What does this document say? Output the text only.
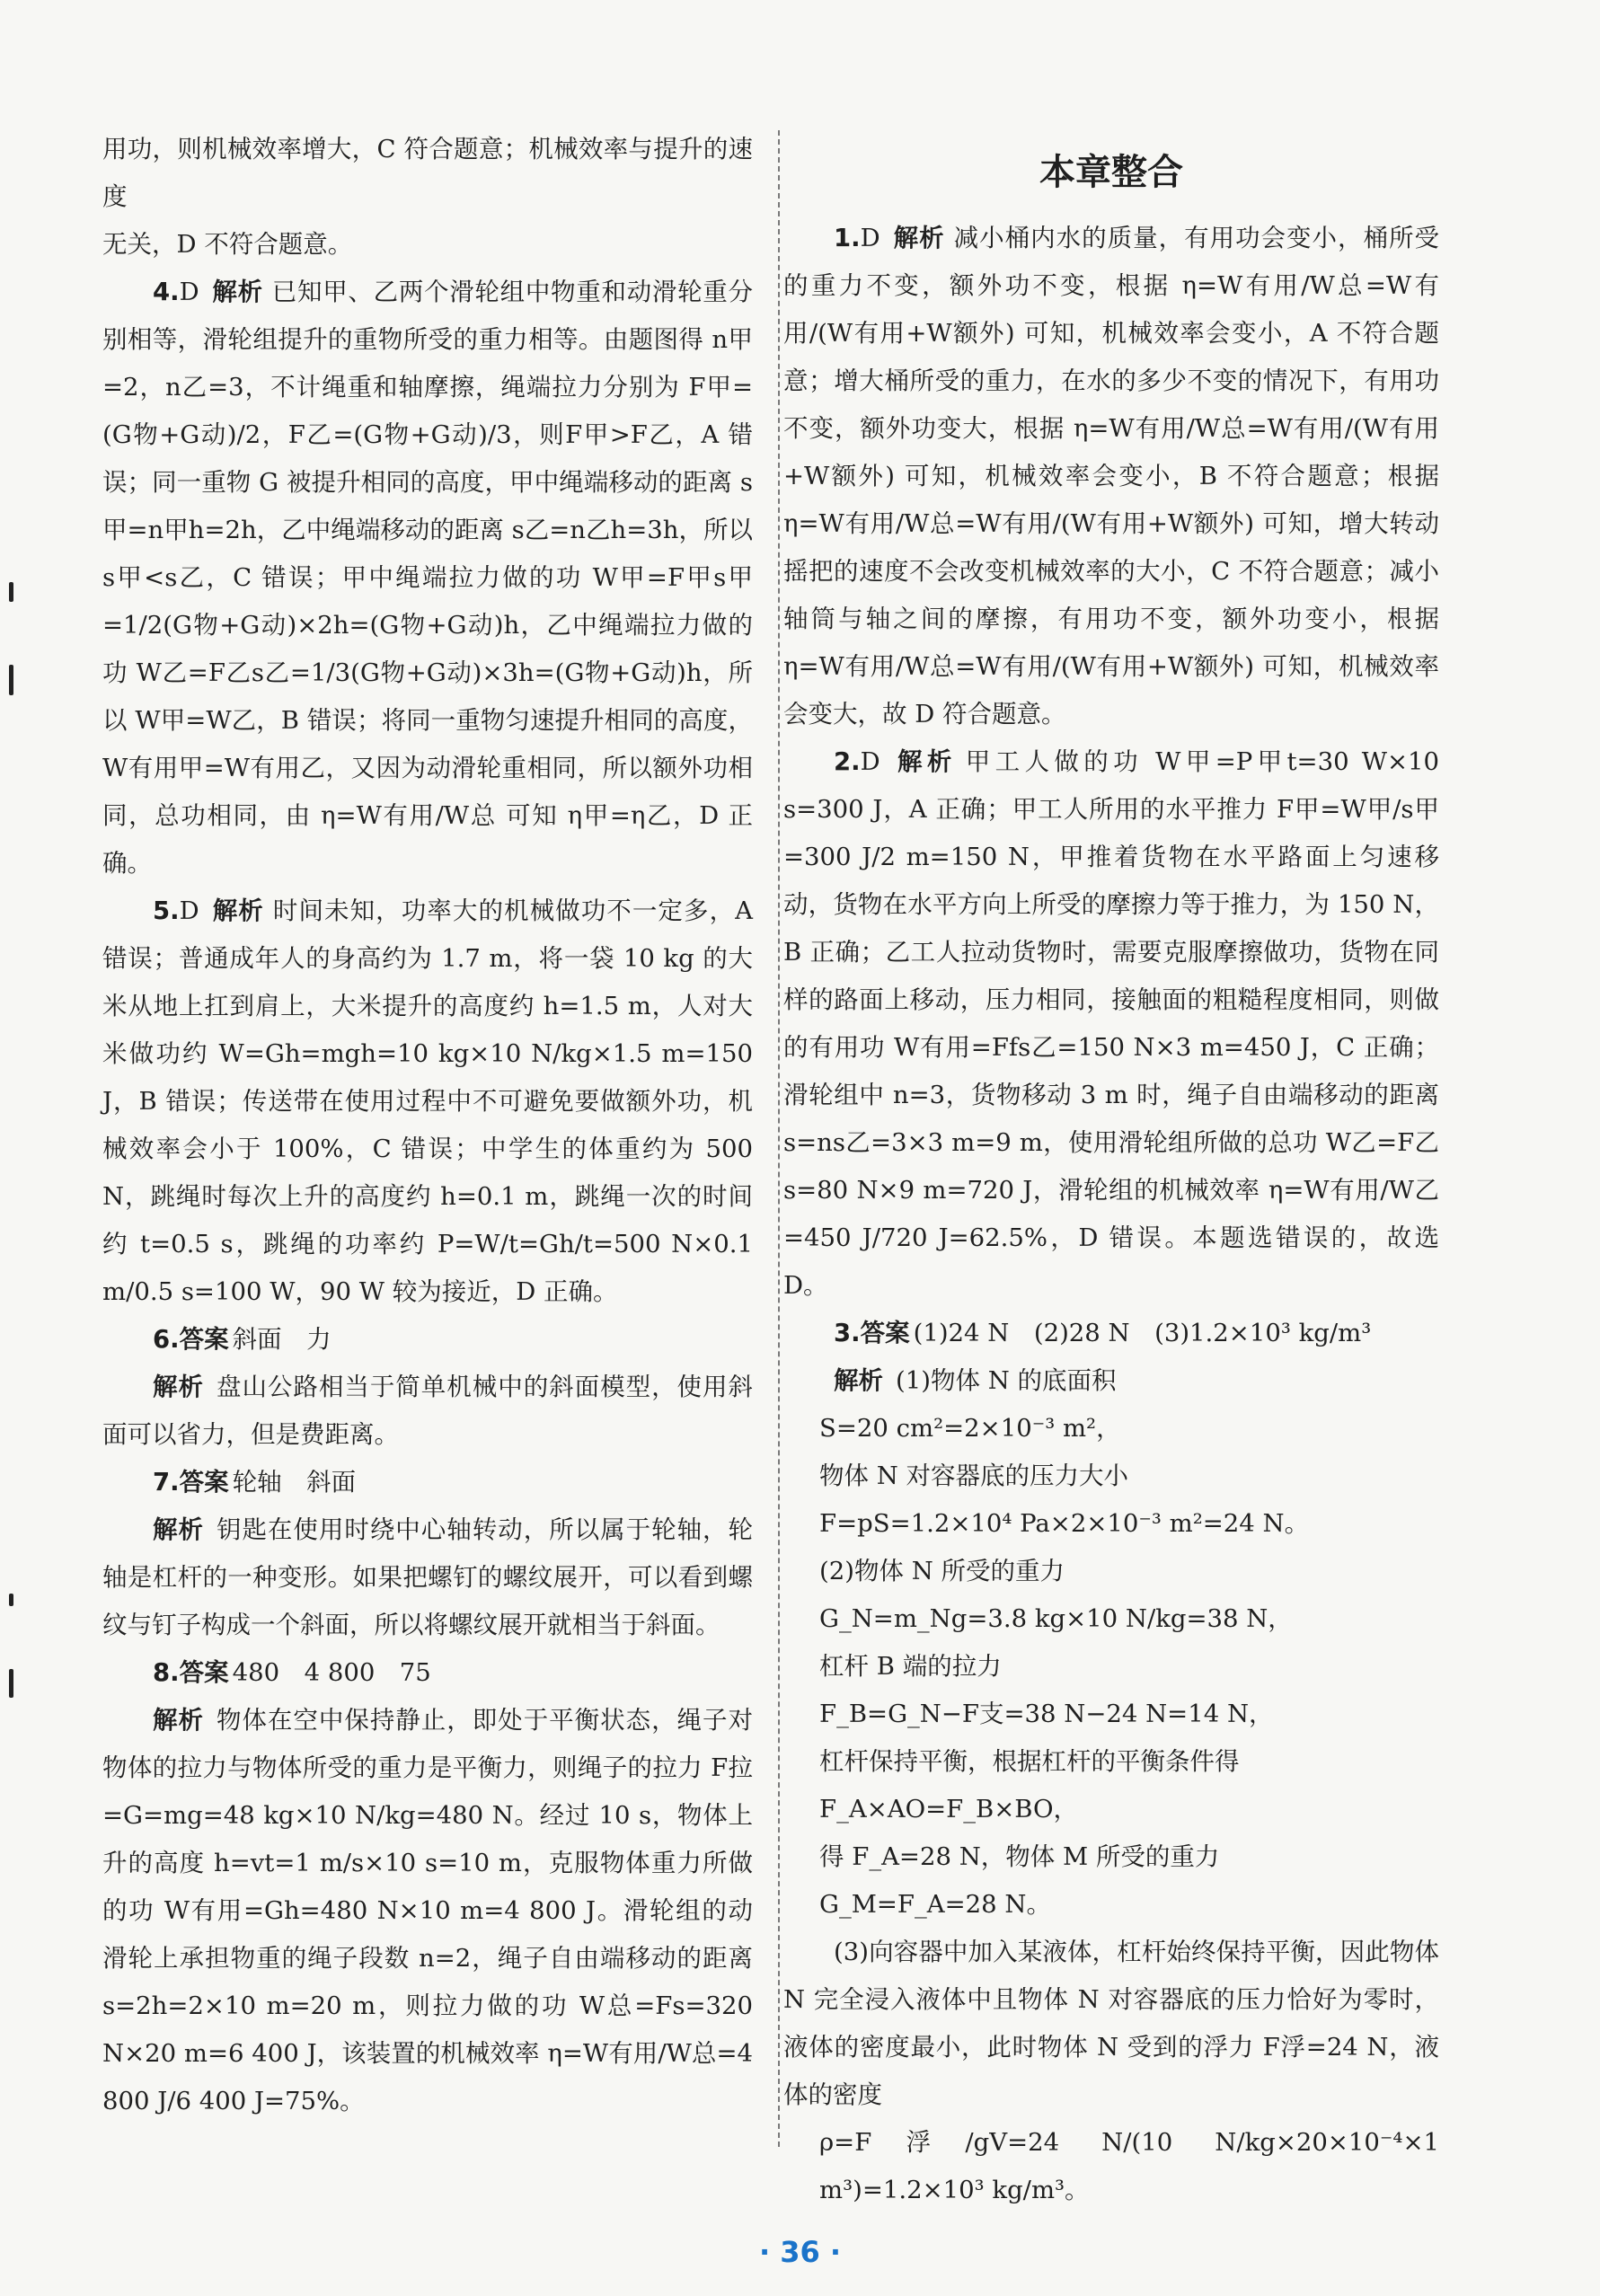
用功，则机械效率增大，C 符合题意；机械效率与提升的速度

无关，D 不符合题意。

4.D 解析 已知甲、乙两个滑轮组中物重和动滑轮重分别相等，滑轮组提升的重物所受的重力相等。由题图得 n甲=2，n乙=3，不计绳重和轴摩擦，绳端拉力分别为 F甲=(G物+G动)/2，F乙=(G物+G动)/3，则F甲>F乙，A 错误；同一重物 G 被提升相同的高度，甲中绳端移动的距离 s甲=n甲h=2h，乙中绳端移动的距离 s乙=n乙h=3h，所以 s甲<s乙，C 错误；甲中绳端拉力做的功 W甲=F甲s甲=1/2(G物+G动)×2h=(G物+G动)h，乙中绳端拉力做的功 W乙=F乙s乙=1/3(G物+G动)×3h=(G物+G动)h，所以 W甲=W乙，B 错误；将同一重物匀速提升相同的高度，W有用甲=W有用乙，又因为动滑轮重相同，所以额外功相同，总功相同，由 η=W有用/W总 可知 η甲=η乙，D 正确。

5.D 解析 时间未知，功率大的机械做功不一定多，A 错误；普通成年人的身高约为 1.7 m，将一袋 10 kg 的大米从地上扛到肩上，大米提升的高度约 h=1.5 m，人对大米做功约 W=Gh=mgh=10 kg×10 N/kg×1.5 m=150 J，B 错误；传送带在使用过程中不可避免要做额外功，机械效率会小于 100%，C 错误；中学生的体重约为 500 N，跳绳时每次上升的高度约 h=0.1 m，跳绳一次的时间约 t=0.5 s，跳绳的功率约 P=W/t=Gh/t=500 N×0.1 m/0.5 s=100 W，90 W 较为接近，D 正确。

6.答案 斜面　力

解析 盘山公路相当于简单机械中的斜面模型，使用斜面可以省力，但是费距离。

7.答案 轮轴　斜面

解析 钥匙在使用时绕中心轴转动，所以属于轮轴，轮轴是杠杆的一种变形。如果把螺钉的螺纹展开，可以看到螺纹与钉子构成一个斜面，所以将螺纹展开就相当于斜面。

8.答案 480　4 800　75

解析 物体在空中保持静止，即处于平衡状态，绳子对物体的拉力与物体所受的重力是平衡力，则绳子的拉力 F拉=G=mg=48 kg×10 N/kg=480 N。经过 10 s，物体上升的高度 h=vt=1 m/s×10 s=10 m，克服物体重力所做的功 W有用=Gh=480 N×10 m=4 800 J。滑轮组的动滑轮上承担物重的绳子段数 n=2，绳子自由端移动的距离 s=2h=2×10 m=20 m，则拉力做的功 W总=Fs=320 N×20 m=6 400 J，该装置的机械效率 η=W有用/W总=4 800 J/6 400 J=75%。

本章整合

1.D 解析 减小桶内水的质量，有用功会变小，桶所受的重力不变，额外功不变，根据 η=W有用/W总=W有用/(W有用+W额外) 可知，机械效率会变小，A 不符合题意；增大桶所受的重力，在水的多少不变的情况下，有用功不变，额外功变大，根据 η=W有用/W总=W有用/(W有用+W额外) 可知，机械效率会变小，B 不符合题意；根据 η=W有用/W总=W有用/(W有用+W额外) 可知，增大转动摇把的速度不会改变机械效率的大小，C 不符合题意；减小轴筒与轴之间的摩擦，有用功不变，额外功变小，根据 η=W有用/W总=W有用/(W有用+W额外) 可知，机械效率会变大，故 D 符合题意。

2.D 解析 甲工人做的功 W甲=P甲t=30 W×10 s=300 J，A 正确；甲工人所用的水平推力 F甲=W甲/s甲=300 J/2 m=150 N，甲推着货物在水平路面上匀速移动，货物在水平方向上所受的摩擦力等于推力，为 150 N，B 正确；乙工人拉动货物时，需要克服摩擦做功，货物在同样的路面上移动，压力相同，接触面的粗糙程度相同，则做的有用功 W有用=Ffs乙=150 N×3 m=450 J，C 正确；滑轮组中 n=3，货物移动 3 m 时，绳子自由端移动的距离 s=ns乙=3×3 m=9 m，使用滑轮组所做的总功 W乙=F乙s=80 N×9 m=720 J，滑轮组的机械效率 η=W有用/W乙=450 J/720 J=62.5%，D 错误。本题选错误的，故选 D。

3.答案 (1)24 N　(2)28 N　(3)1.2×10³ kg/m³

解析 (1)物体 N 的底面积

S=20 cm²=2×10⁻³ m²，

物体 N 对容器底的压力大小

F=pS=1.2×10⁴ Pa×2×10⁻³ m²=24 N。

(2)物体 N 所受的重力

G_N=m_Ng=3.8 kg×10 N/kg=38 N，

杠杆 B 端的拉力

F_B=G_N−F支=38 N−24 N=14 N，

杠杆保持平衡，根据杠杆的平衡条件得

F_A×AO=F_B×BO，

得 F_A=28 N，物体 M 所受的重力

G_M=F_A=28 N。

(3)向容器中加入某液体，杠杆始终保持平衡，因此物体 N 完全浸入液体中且物体 N 对容器底的压力恰好为零时，液体的密度最小，此时物体 N 受到的浮力 F浮=24 N，液体的密度

ρ=F浮/gV=24 N/(10 N/kg×20×10⁻⁴×1 m³)=1.2×10³ kg/m³。

· 36 ·
